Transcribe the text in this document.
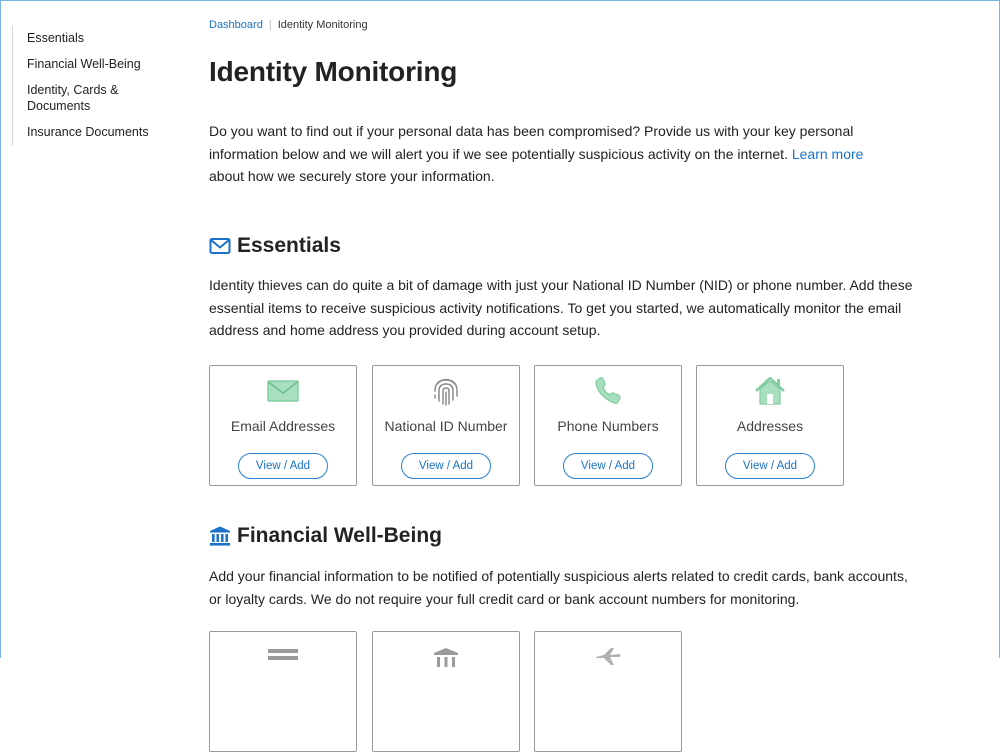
Essentials
Financial Well-Being
Identity, Cards & Documents
Insurance Documents
Dashboard | Identity Monitoring
Identity Monitoring

Do you want to find out if your personal data has been compromised? Provide us with your key personal information below and we will alert you if we see potentially suspicious activity on the internet. Learn more about how we securely store your information.

Essentials

Identity thieves can do quite a bit of damage with just your National ID Number (NID) or phone number. Add these essential items to receive suspicious activity notifications. To get you started, we automatically monitor the email address and home address you provided during account setup.

Email Addresses
View / Add
National ID Number
View / Add
Phone Numbers
View / Add
Addresses
View / Add
Financial Well-Being

Add your financial information to be notified of potentially suspicious alerts related to credit cards, bank accounts, or loyalty cards. We do not require your full credit card or bank account numbers for monitoring.
